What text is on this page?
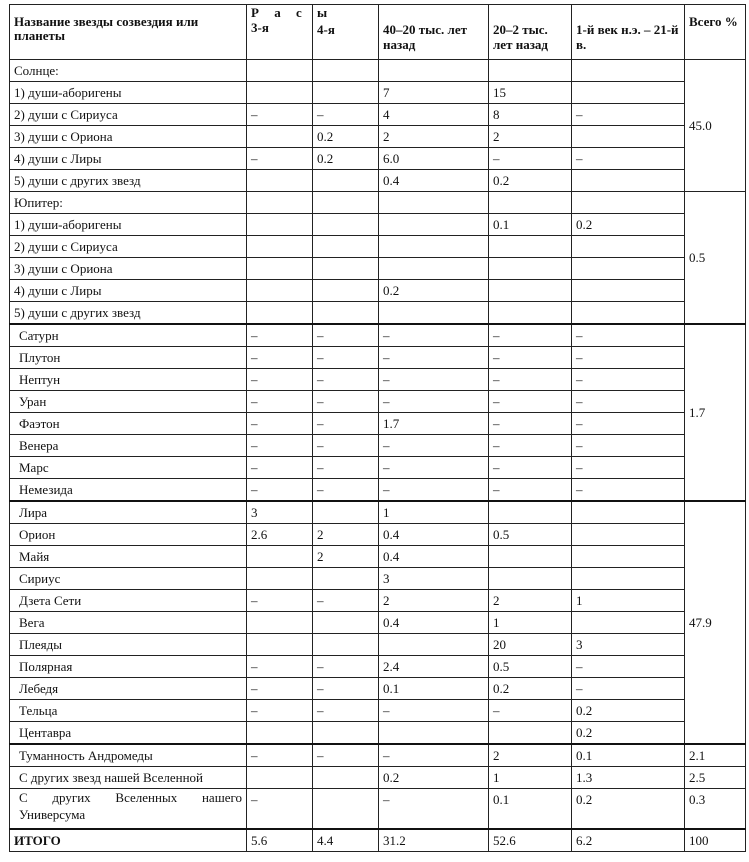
Название звезды созвездия или планеты	Р а с ы
3-я	4-я	40–20 тыс. лет назад	20–2 тыс. лет назад	1-й век н.э. – 21-й в.	Всего %
Солнце:						45.0
1) души-аборигены			7	15		
2) души с Сириуса	–	–	4	8	–	
3) души с Ориона		0.2	2	2		
4) души с Лиры	–	0.2	6.0	–	–	
5) души с других звезд			0.4	0.2		
Юпитер:						0.5
1) души-аборигены				0.1	0.2	
2) души с Сириуса						
3) души с Ориона						
4) души с Лиры			0.2			
5) души с других звезд						
Сатурн	–	–	–	–	–	1.7
Плутон	–	–	–	–	–	
Нептун	–	–	–	–	–	
Уран	–	–	–	–	–	
Фаэтон	–	–	1.7	–	–	
Венера	–	–	–	–	–	
Марс	–	–	–	–	–	
Немезида	–	–	–	–	–	
Лира	3		1			47.9
Орион	2.6	2	0.4	0.5		
Майя		2	0.4			
Сириус			3			
Дзета Сети	–	–	2	2	1	
Вега			0.4	1		
Плеяды				20	3	
Полярная	–	–	2.4	0.5	–	
Лебедя	–	–	0.1	0.2	–	
Тельца	–	–	–	–	0.2	
Центавра					0.2	
Туманность Андромеды	–	–	–	2	0.1	2.1
С других звезд нашей Вселенной			0.2	1	1.3	2.5
С других Вселенных нашего Универсума	–		–	0.1	0.2	0.3
ИТОГО	5.6	4.4	31.2	52.6	6.2	100
